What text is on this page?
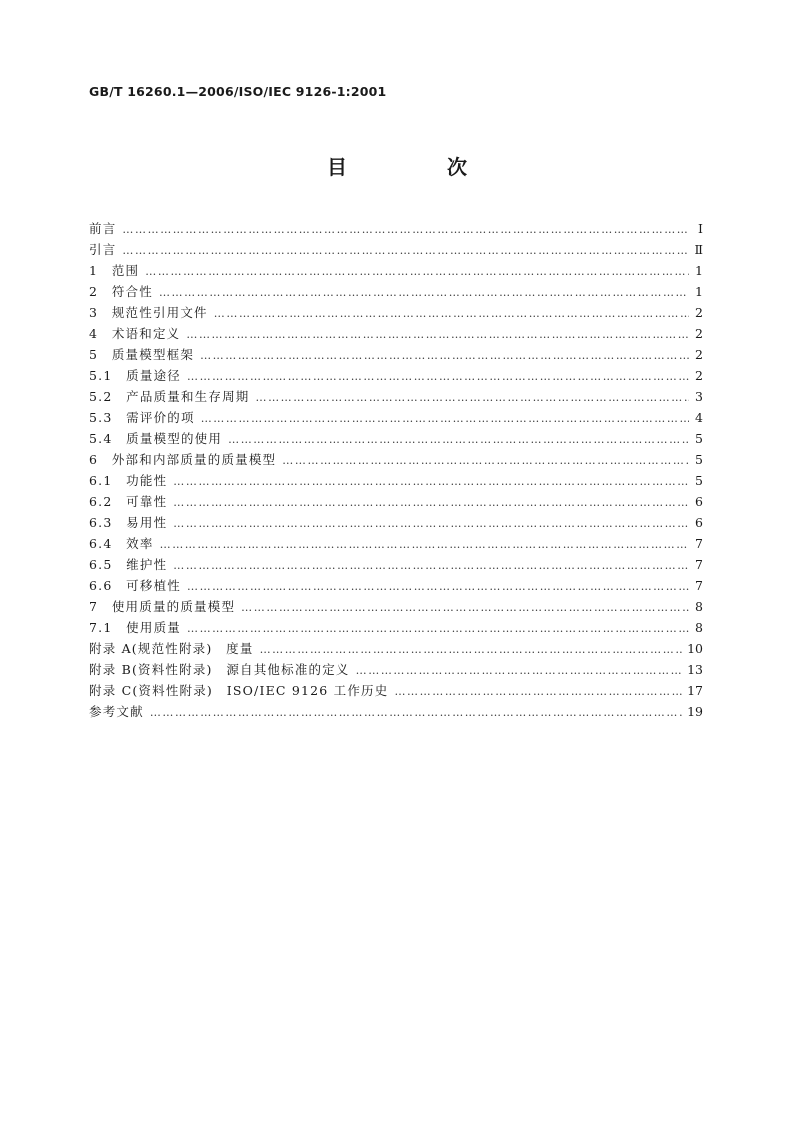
GB/T 16260.1—2006/ISO/IEC 9126-1:2001
目　次
前言 ………………………………………………………………………………………………………………………………………………………………………………………………………………………	Ⅰ
引言 ………………………………………………………………………………………………………………………………………………………………………………………………………………………	Ⅱ
1　范围 ………………………………………………………………………………………………………………………………………………………………………………………………………………………	1
2　符合性 ………………………………………………………………………………………………………………………………………………………………………………………………………………………	1
3　规范性引用文件 ………………………………………………………………………………………………………………………………………………………………………………………………………………………	2
4　术语和定义 ………………………………………………………………………………………………………………………………………………………………………………………………………………………	2
5　质量模型框架 ………………………………………………………………………………………………………………………………………………………………………………………………………………………	2
5.1　质量途径 ………………………………………………………………………………………………………………………………………………………………………………………………………………………	2
5.2　产品质量和生存周期 ………………………………………………………………………………………………………………………………………………………………………………………………………………………	3
5.3　需评价的项 ………………………………………………………………………………………………………………………………………………………………………………………………………………………	4
5.4　质量模型的使用 ………………………………………………………………………………………………………………………………………………………………………………………………………………………	5
6　外部和内部质量的质量模型 ………………………………………………………………………………………………………………………………………………………………………………………………………………………	5
6.1　功能性 ………………………………………………………………………………………………………………………………………………………………………………………………………………………	5
6.2　可靠性 ………………………………………………………………………………………………………………………………………………………………………………………………………………………	6
6.3　易用性 ………………………………………………………………………………………………………………………………………………………………………………………………………………………	6
6.4　效率 ………………………………………………………………………………………………………………………………………………………………………………………………………………………	7
6.5　维护性 ………………………………………………………………………………………………………………………………………………………………………………………………………………………	7
6.6　可移植性 ………………………………………………………………………………………………………………………………………………………………………………………………………………………	7
7　使用质量的质量模型 ………………………………………………………………………………………………………………………………………………………………………………………………………………………	8
7.1　使用质量 ………………………………………………………………………………………………………………………………………………………………………………………………………………………	8
附录 A(规范性附录)　度量 ………………………………………………………………………………………………………………………………………………………………………………………………………………………	10
附录 B(资料性附录)　源自其他标准的定义 ………………………………………………………………………………………………………………………………………………………………………………………………………………………	13
附录 C(资料性附录)　ISO/IEC 9126 工作历史 ………………………………………………………………………………………………………………………………………………………………………………………………………………………	17
参考文献 ………………………………………………………………………………………………………………………………………………………………………………………………………………………	19
